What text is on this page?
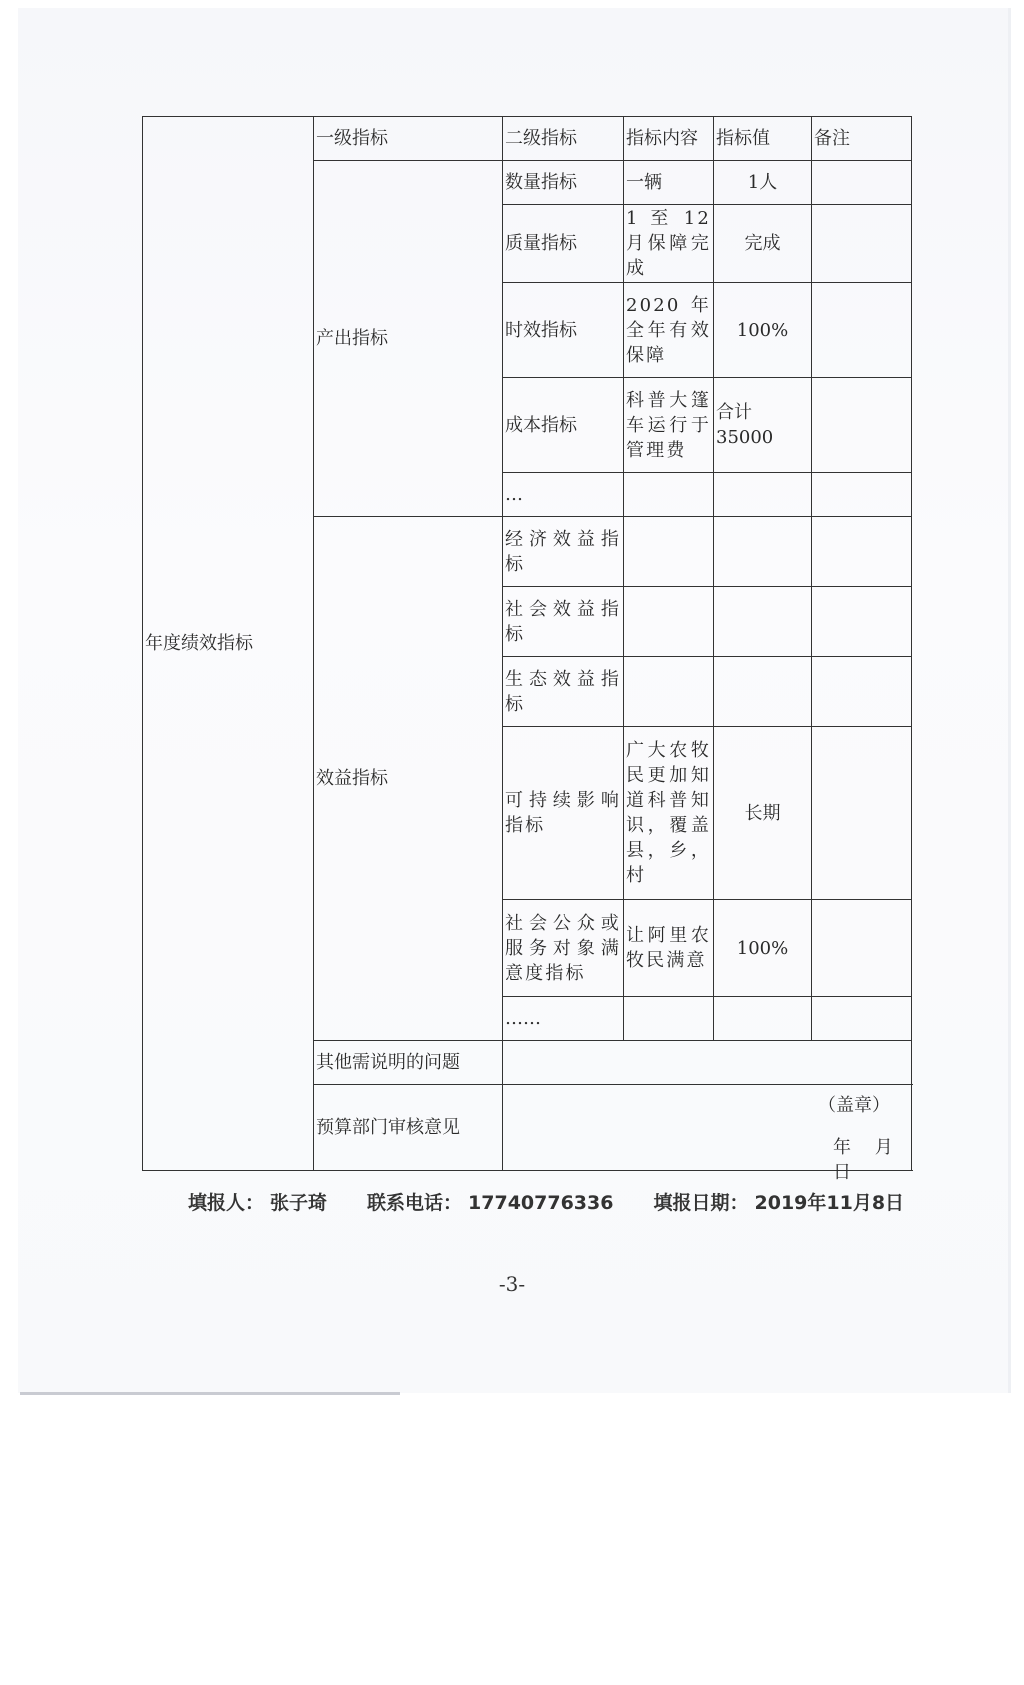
年度绩效指标	一级指标	二级指标	指标内容	指标值	备注
	产出指标	数量指标	一辆	1人	
		质量指标	1 至 12 月保障完成	完成	
		时效指标	2020 年全年有效保障	100%	
		成本指标	科普大篷车运行于管理费	合计35000	
		…			
	效益指标	经济效益指标			
		社会效益指标			
		生态效益指标			
		可持续影响指标	广大农牧民更加知道科普知识，覆盖县，乡，村	长期	
		社会公众或服务对象满意度指标	让阿里农牧民满意	100%	
		……			
	其他需说明的问题				
	预算部门审核意见	（盖章）
年 月 日			
填报人： 张子琦 联系电话： 17740776336 填报日期： 2019年11月8日
-3-
